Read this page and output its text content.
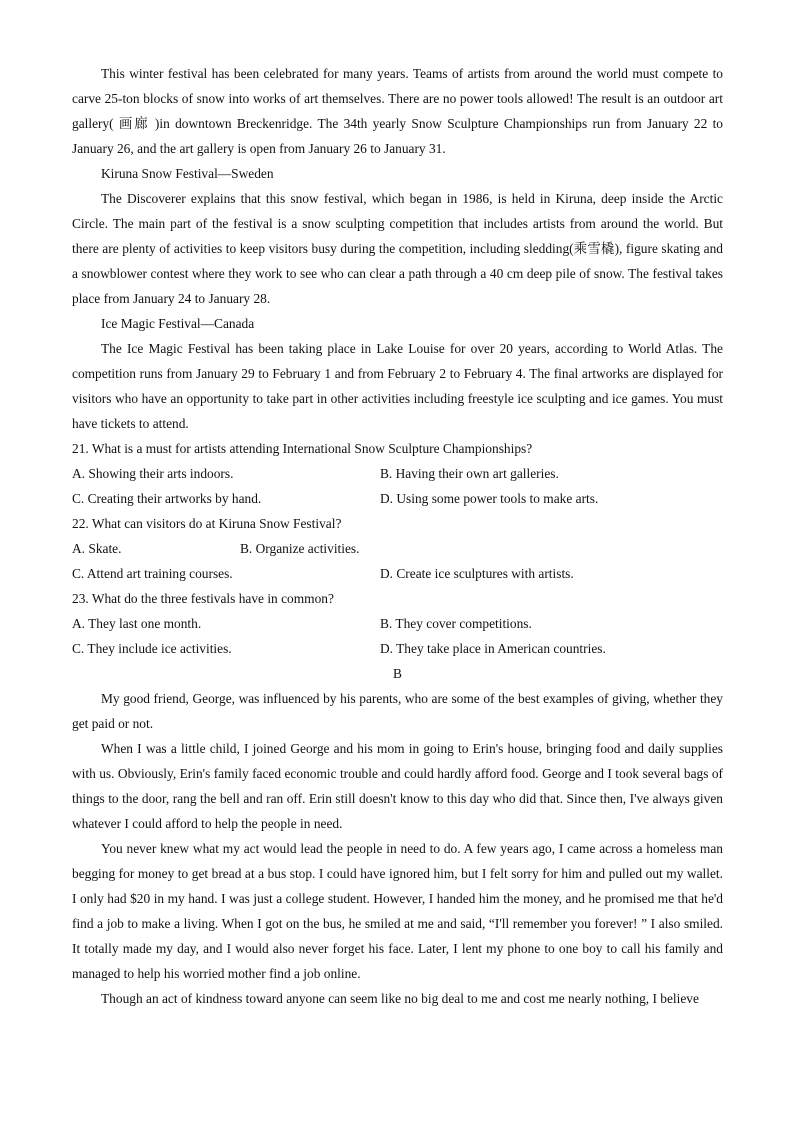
This winter festival has been celebrated for many years. Teams of artists from around the world must compete to carve 25-ton blocks of snow into works of art themselves. There are no power tools allowed! The result is an outdoor art gallery( 画廊 )in downtown Breckenridge. The 34th yearly Snow Sculpture Championships run from January 22 to January 26, and the art gallery is open from January 26 to January 31.

Kiruna Snow Festival—Sweden

The Discoverer explains that this snow festival, which began in 1986, is held in Kiruna, deep inside the Arctic Circle. The main part of the festival is a snow sculpting competition that includes artists from around the world. But there are plenty of activities to keep visitors busy during the competition, including sledding(乘雪橇), figure skating and a snowblower contest where they work to see who can clear a path through a 40 cm deep pile of snow. The festival takes place from January 24 to January 28.

Ice Magic Festival—Canada

The Ice Magic Festival has been taking place in Lake Louise for over 20 years, according to World Atlas. The competition runs from January 29 to February 1 and from February 2 to February 4. The final artworks are displayed for visitors who have an opportunity to take part in other activities including freestyle ice sculpting and ice games. You must have tickets to attend.

21. What is a must for artists attending International Snow Sculpture Championships?

A. Showing their arts indoors.	B. Having their own art galleries.
C. Creating their artworks by hand.	D. Using some power tools to make arts.

22. What can visitors do at Kiruna Snow Festival?

A. Skate.	B. Organize activities.
C. Attend art training courses.	D. Create ice sculptures with artists.

23. What do the three festivals have in common?

A. They last one month.	B. They cover competitions.
C. They include ice activities.	D. They take place in American countries.
B

My good friend, George, was influenced by his parents, who are some of the best examples of giving, whether they get paid or not.

When I was a little child, I joined George and his mom in going to Erin's house, bringing food and daily supplies with us. Obviously, Erin's family faced economic trouble and could hardly afford food. George and I took several bags of things to the door, rang the bell and ran off. Erin still doesn't know to this day who did that. Since then, I've always given whatever I could afford to help the people in need.

You never knew what my act would lead the people in need to do. A few years ago, I came across a homeless man begging for money to get bread at a bus stop. I could have ignored him, but I felt sorry for him and pulled out my wallet. I only had $20 in my hand. I was just a college student. However, I handed him the money, and he promised me that he'd find a job to make a living. When I got on the bus, he smiled at me and said, “I'll remember you forever! ” I also smiled. It totally made my day, and I would also never forget his face. Later, I lent my phone to one boy to call his family and managed to help his worried mother find a job online.

Though an act of kindness toward anyone can seem like no big deal to me and cost me nearly nothing, I believe
